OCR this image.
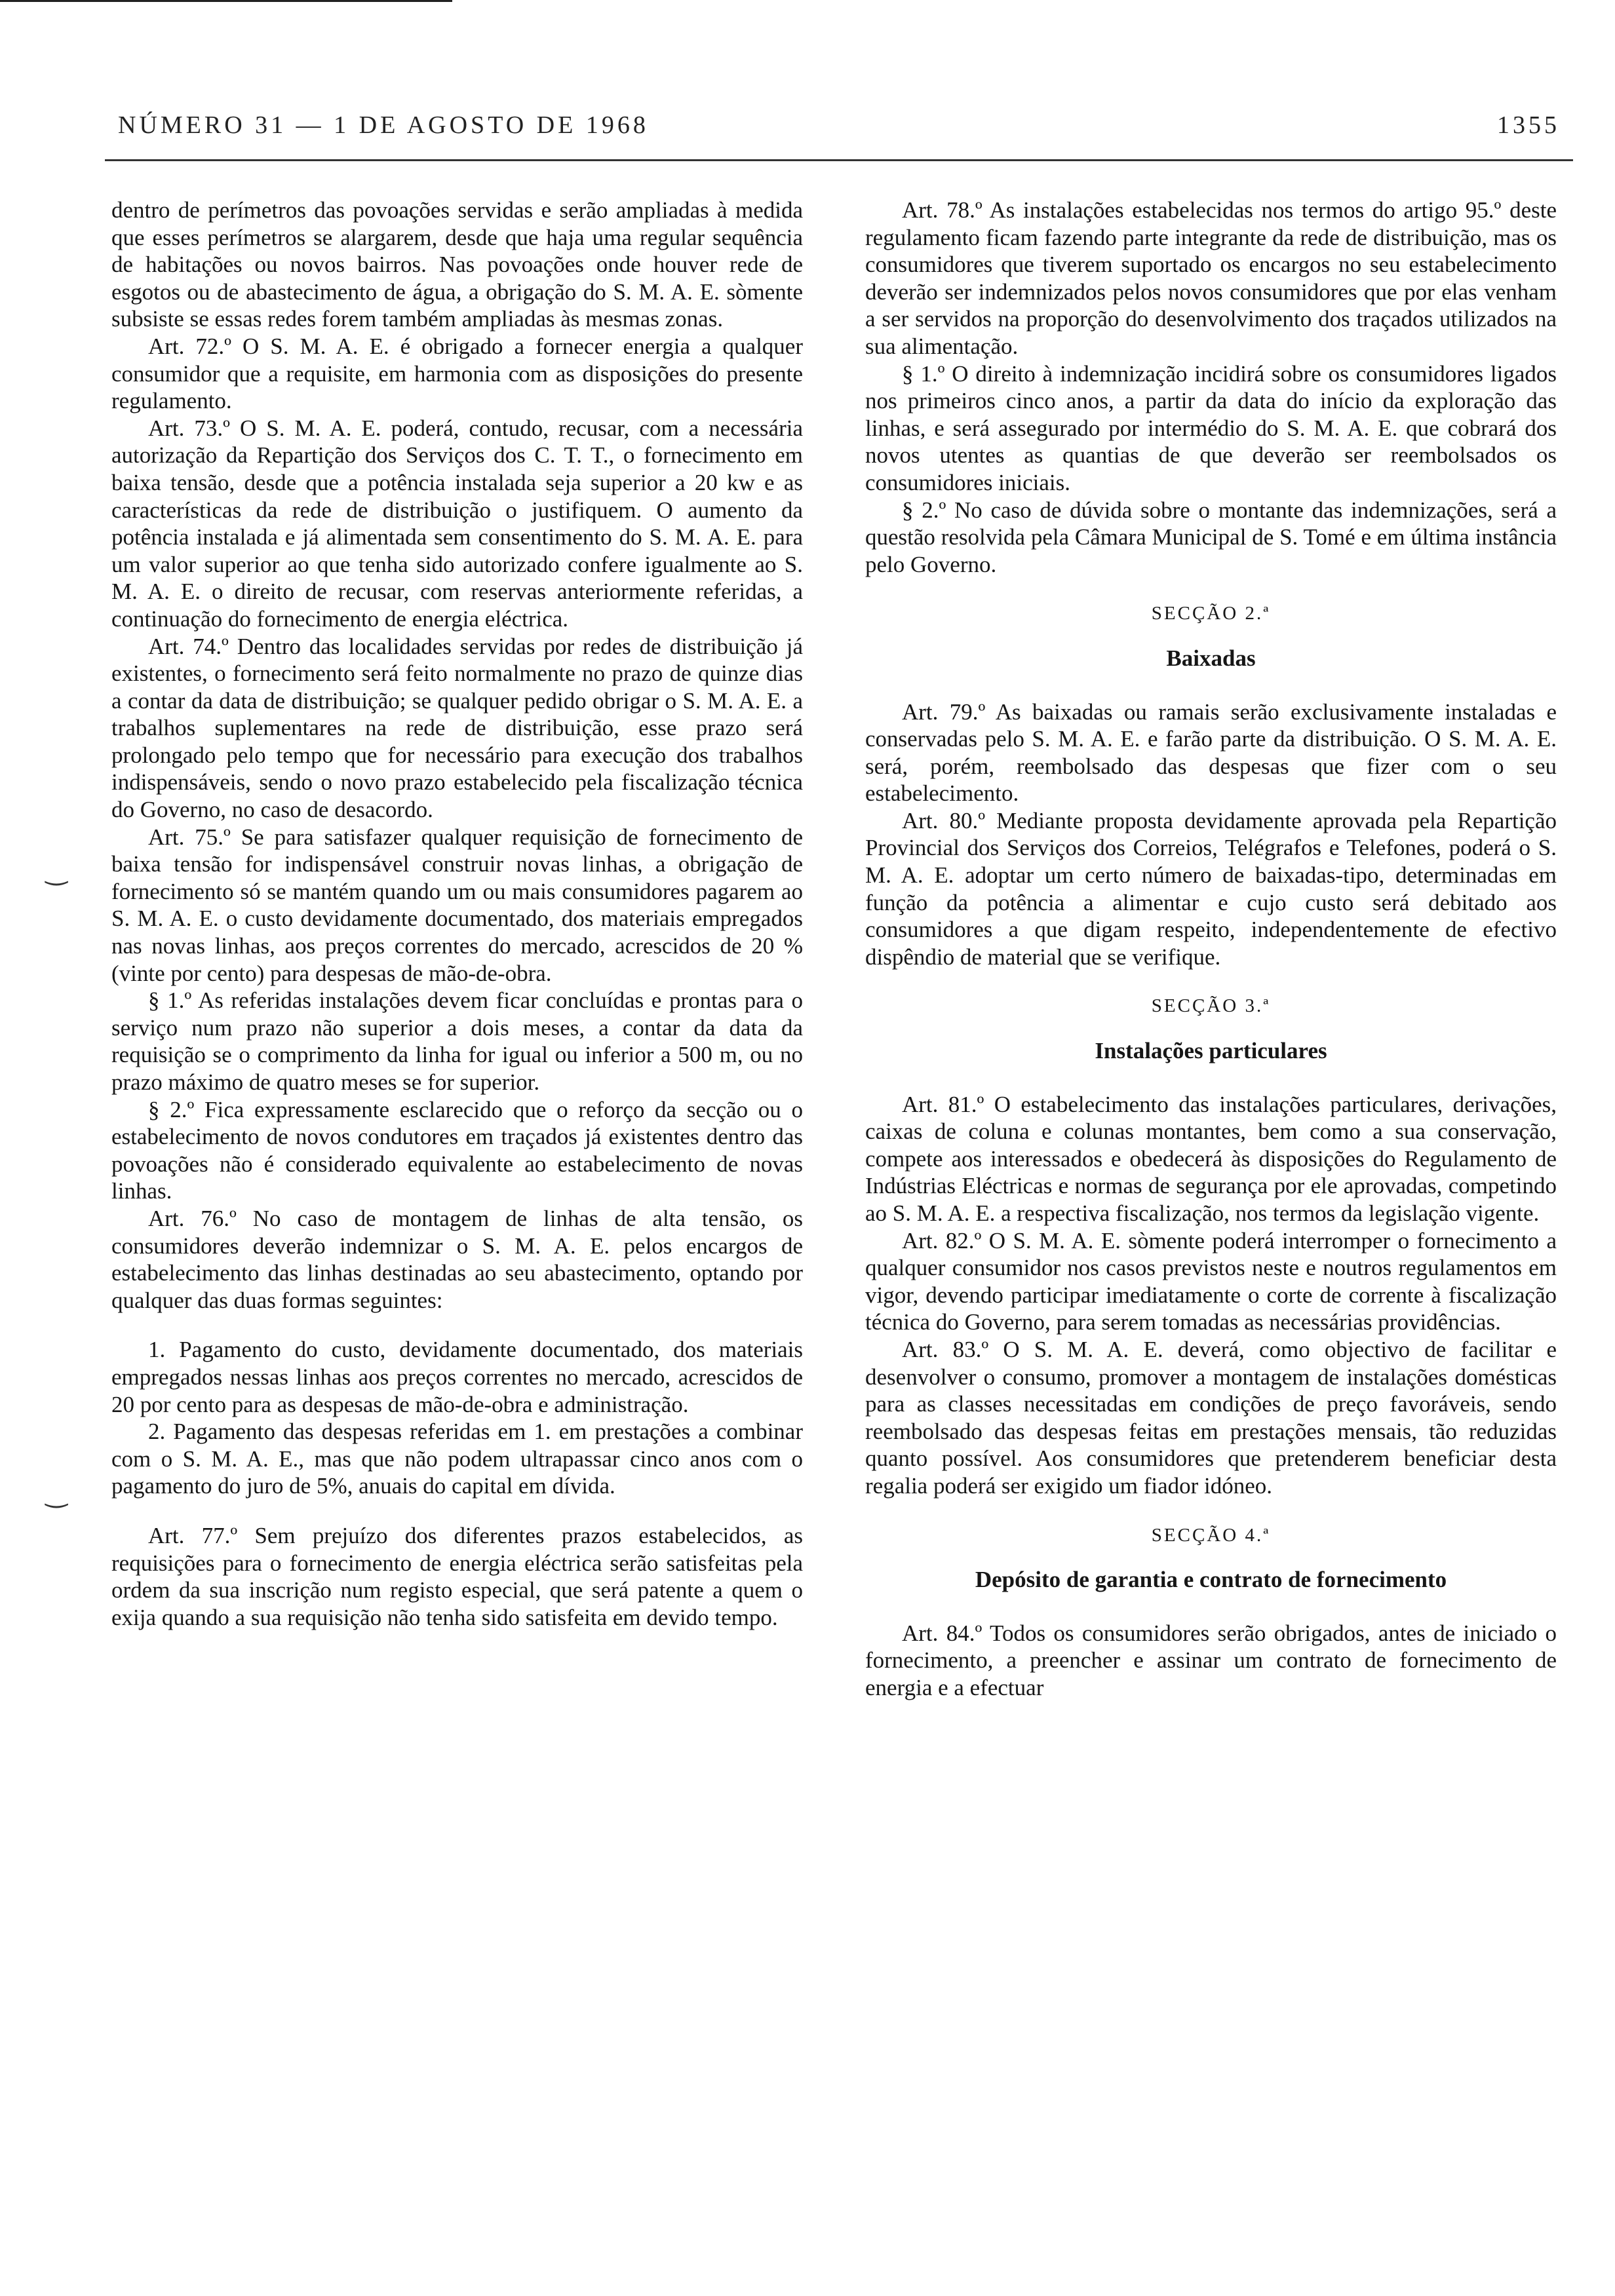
NÚMERO 31 — 1 DE AGOSTO DE 1968	1355
‿
‿

dentro de perímetros das povoações servidas e serão ampliadas à medida que esses perímetros se alargarem, desde que haja uma regular sequência de habitações ou novos bairros. Nas povoações onde houver rede de esgotos ou de abastecimento de água, a obrigação do S. M. A. E. sòmente subsiste se essas redes forem também ampliadas às mesmas zonas.

Art. 72.º O S. M. A. E. é obrigado a fornecer energia a qualquer consumidor que a requisite, em harmonia com as disposições do presente regulamento.

Art. 73.º O S. M. A. E. poderá, contudo, recusar, com a necessária autorização da Repartição dos Serviços dos C. T. T., o fornecimento em baixa tensão, desde que a potência instalada seja superior a 20 kw e as características da rede de distribuição o justifiquem. O aumento da potência instalada e já alimentada sem consentimento do S. M. A. E. para um valor superior ao que tenha sido autorizado confere igualmente ao S. M. A. E. o direito de recusar, com reservas anteriormente referidas, a continuação do fornecimento de energia eléctrica.

Art. 74.º Dentro das localidades servidas por redes de distribuição já existentes, o fornecimento será feito normalmente no prazo de quinze dias a contar da data de distribuição; se qualquer pedido obrigar o S. M. A. E. a trabalhos suplementares na rede de distribuição, esse prazo será prolongado pelo tempo que for necessário para execução dos trabalhos indispensáveis, sendo o novo prazo estabelecido pela fiscalização técnica do Governo, no caso de desacordo.

Art. 75.º Se para satisfazer qualquer requisição de fornecimento de baixa tensão for indispensável construir novas linhas, a obrigação de fornecimento só se mantém quando um ou mais consumidores pagarem ao S. M. A. E. o custo devidamente documentado, dos materiais empregados nas novas linhas, aos preços correntes do mercado, acrescidos de 20 % (vinte por cento) para despesas de mão-de-obra.

§ 1.º As referidas instalações devem ficar concluídas e prontas para o serviço num prazo não superior a dois meses, a contar da data da requisição se o comprimento da linha for igual ou inferior a 500 m, ou no prazo máximo de quatro meses se for superior.

§ 2.º Fica expressamente esclarecido que o reforço da secção ou o estabelecimento de novos condutores em traçados já existentes dentro das povoações não é considerado equivalente ao estabelecimento de novas linhas.

Art. 76.º No caso de montagem de linhas de alta tensão, os consumidores deverão indemnizar o S. M. A. E. pelos encargos de estabelecimento das linhas destinadas ao seu abastecimento, optando por qualquer das duas formas seguintes:

1. Pagamento do custo, devidamente documentado, dos materiais empregados nessas linhas aos preços correntes no mercado, acrescidos de 20 por cento para as despesas de mão-de-obra e administração.

2. Pagamento das despesas referidas em 1. em prestações a combinar com o S. M. A. E., mas que não podem ultrapassar cinco anos com o pagamento do juro de 5%, anuais do capital em dívida.

Art. 77.º Sem prejuízo dos diferentes prazos estabelecidos, as requisições para o fornecimento de energia eléctrica serão satisfeitas pela ordem da sua inscrição num registo especial, que será patente a quem o exija quando a sua requisição não tenha sido satisfeita em devido tempo.

Art. 78.º As instalações estabelecidas nos termos do artigo 95.º deste regulamento ficam fazendo parte integrante da rede de distribuição, mas os consumidores que tiverem suportado os encargos no seu estabelecimento deverão ser indemnizados pelos novos consumidores que por elas venham a ser servidos na proporção do desenvolvimento dos traçados utilizados na sua alimentação.

§ 1.º O direito à indemnização incidirá sobre os consumidores ligados nos primeiros cinco anos, a partir da data do início da exploração das linhas, e será assegurado por intermédio do S. M. A. E. que cobrará dos novos utentes as quantias de que deverão ser reembolsados os consumidores iniciais.

§ 2.º No caso de dúvida sobre o montante das indemnizações, será a questão resolvida pela Câmara Municipal de S. Tomé e em última instância pelo Governo.

SECÇÃO 2.ª
Baixadas

Art. 79.º As baixadas ou ramais serão exclusivamente instaladas e conservadas pelo S. M. A. E. e farão parte da distribuição. O S. M. A. E. será, porém, reembolsado das despesas que fizer com o seu estabelecimento.

Art. 80.º Mediante proposta devidamente aprovada pela Repartição Provincial dos Serviços dos Correios, Telégrafos e Telefones, poderá o S. M. A. E. adoptar um certo número de baixadas-tipo, determinadas em função da potência a alimentar e cujo custo será debitado aos consumidores a que digam respeito, independentemente de efectivo dispêndio de material que se verifique.

SECÇÃO 3.ª
Instalações particulares

Art. 81.º O estabelecimento das instalações particulares, derivações, caixas de coluna e colunas montantes, bem como a sua conservação, compete aos interessados e obedecerá às disposições do Regulamento de Indústrias Eléctricas e normas de segurança por ele aprovadas, competindo ao S. M. A. E. a respectiva fiscalização, nos termos da legislação vigente.

Art. 82.º O S. M. A. E. sòmente poderá interromper o fornecimento a qualquer consumidor nos casos previstos neste e noutros regulamentos em vigor, devendo participar imediatamente o corte de corrente à fiscalização técnica do Governo, para serem tomadas as necessárias providências.

Art. 83.º O S. M. A. E. deverá, como objectivo de facilitar e desenvolver o consumo, promover a montagem de instalações domésticas para as classes necessitadas em condições de preço favoráveis, sendo reembolsado das despesas feitas em prestações mensais, tão reduzidas quanto possível. Aos consumidores que pretenderem beneficiar desta regalia poderá ser exigido um fiador idóneo.

SECÇÃO 4.ª
Depósito de garantia e contrato de fornecimento

Art. 84.º Todos os consumidores serão obrigados, antes de iniciado o fornecimento, a preencher e assinar um contrato de fornecimento de energia e a efectuar
